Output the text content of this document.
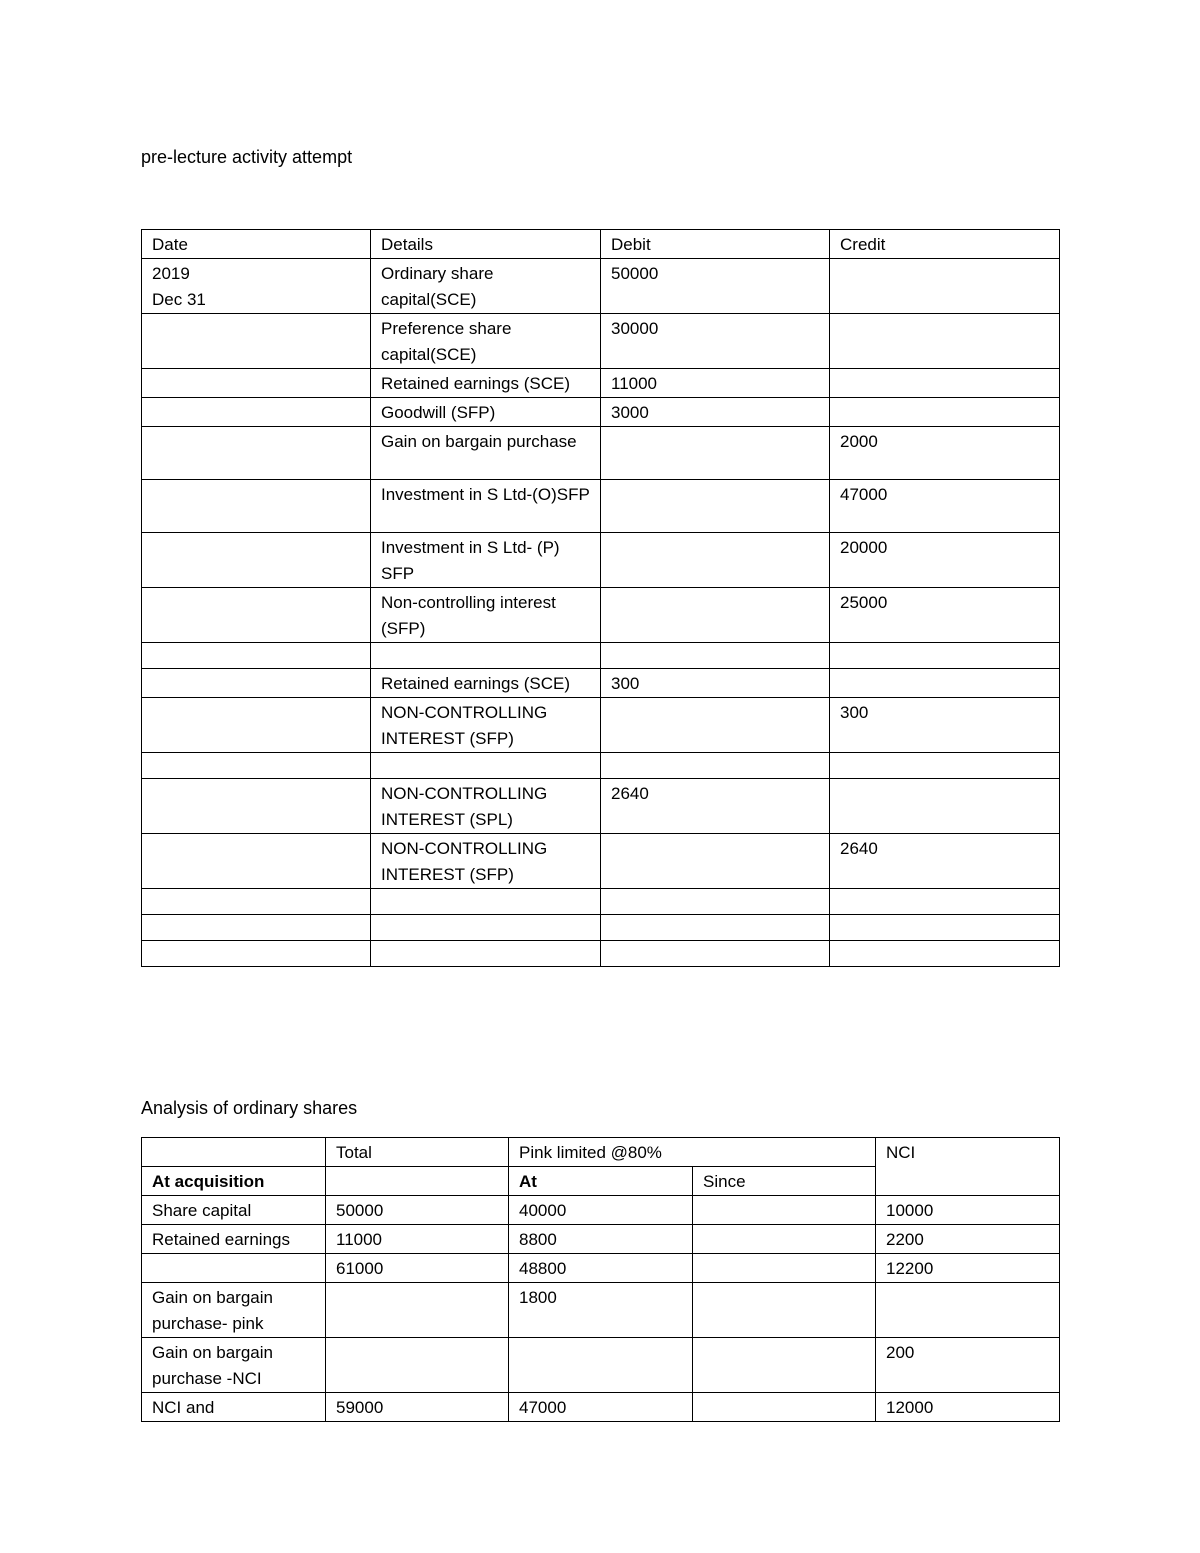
pre-lecture activity attempt
Date	Details	Debit	Credit
2019
Dec 31	Ordinary share capital(SCE)	50000	
	Preference share capital(SCE)	30000	
	Retained earnings (SCE)	11000	
	Goodwill (SFP)	3000	
	Gain on bargain purchase		2000
	Investment in S Ltd-(O)SFP		47000
	Investment in S Ltd- (P) SFP		20000
	Non-controlling interest (SFP)		25000

	Retained earnings (SCE)	300	
	NON-CONTROLLING INTEREST (SFP)		300

	NON-CONTROLLING INTEREST (SPL)	2640	
	NON-CONTROLLING INTEREST (SFP)		2640

Analysis of ordinary shares
	Total	Pink limited @80%		NCI
At acquisition		At	Since	
Share capital	50000	40000		10000
Retained earnings	11000	8800		2200
	61000	48800		12200
Gain on bargain purchase- pink		1800		
Gain on bargain purchase -NCI				200
NCI and	59000	47000		12000
